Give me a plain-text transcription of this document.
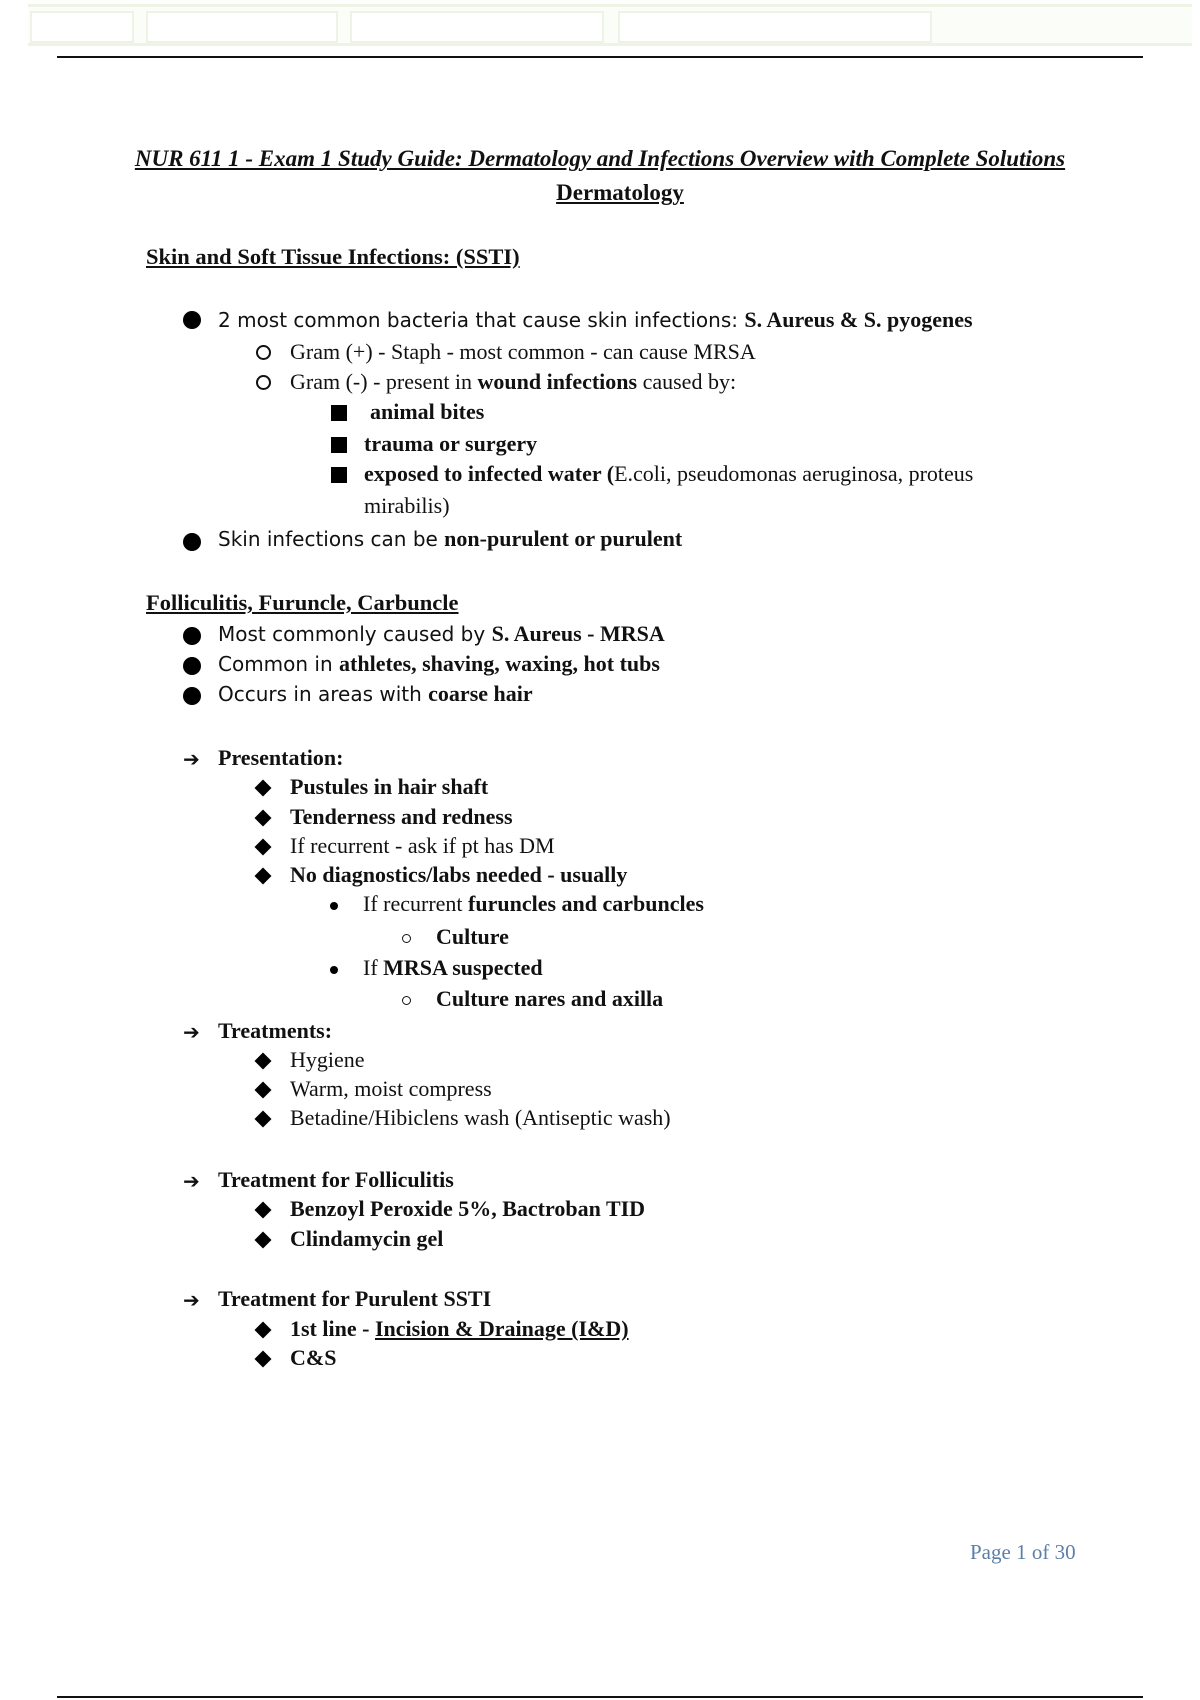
NUR 611 1 - Exam 1 Study Guide: Dermatology and Infections Overview with Complete Solutions
Dermatology
Skin and Soft Tissue Infections: (SSTI)
2 most common bacteria that cause skin infections: S. Aureus & S. pyogenes
Gram (+) - Staph - most common - can cause MRSA
Gram (-) - present in wound infections caused by:
animal bites
trauma or surgery
exposed to infected water (E.coli, pseudomonas aeruginosa, proteus
mirabilis)
Skin infections can be non-purulent or purulent
Folliculitis, Furuncle, Carbuncle
Most commonly caused by S. Aureus - MRSA
Common in athletes, shaving, waxing, hot tubs
Occurs in areas with coarse hair
➔ Presentation:
Pustules in hair shaft
Tenderness and redness
If recurrent - ask if pt has DM
No diagnostics/labs needed - usually
If recurrent furuncles and carbuncles
Culture
If MRSA suspected
Culture nares and axilla
➔ Treatments:
Hygiene
Warm, moist compress
Betadine/Hibiclens wash (Antiseptic wash)
➔ Treatment for Folliculitis
Benzoyl Peroxide 5%, Bactroban TID
Clindamycin gel
➔ Treatment for Purulent SSTI
1st line - Incision & Drainage (I&D)
C&S
Page 1 of 30
